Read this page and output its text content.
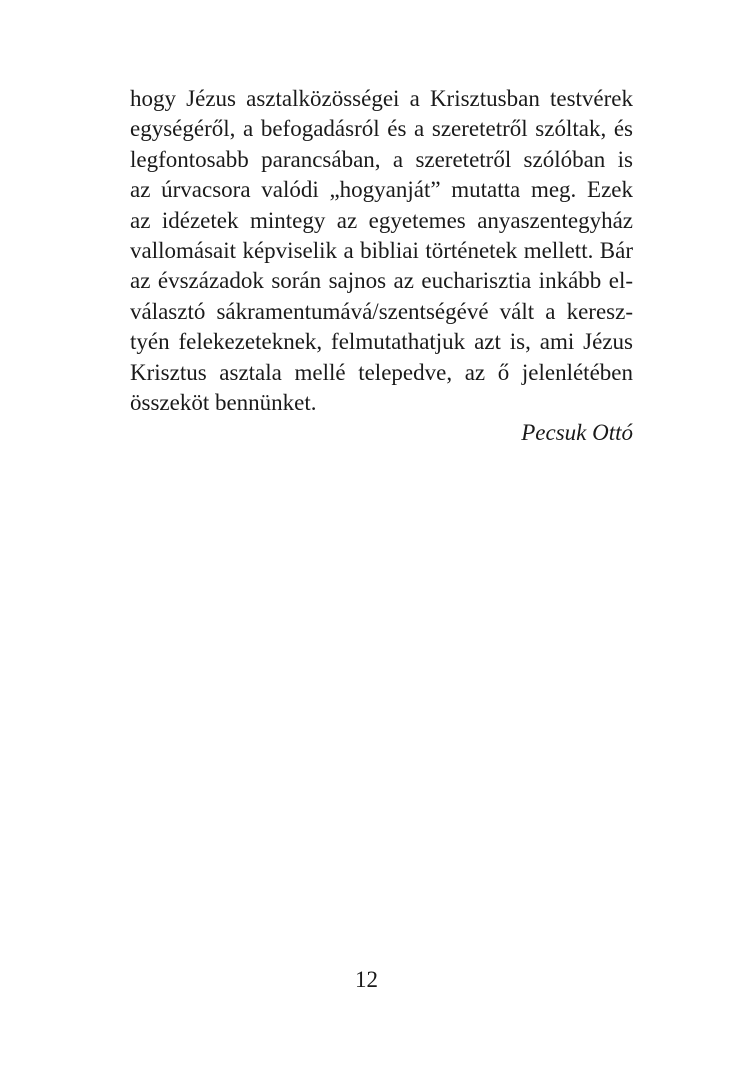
hogy Jézus asztalközösségei a Krisztusban testvérek
egységéről, a befogadásról és a szeretetről szóltak, és
legfontosabb parancsában, a szeretetről szólóban is
az úrvacsora valódi „hogyanját” mutatta meg. Ezek
az idézetek mintegy az egyetemes anyaszentegyház
vallomásait képviselik a bibliai történetek mellett. Bár
az évszázadok során sajnos az eucharisztia inkább el-
választó sákramentumává/szentségévé vált a keresz-
tyén felekezeteknek, felmutathatjuk azt is, ami Jézus
Krisztus asztala mellé telepedve, az ő jelenlétében
összeköt bennünket.
Pecsuk Ottó
12
